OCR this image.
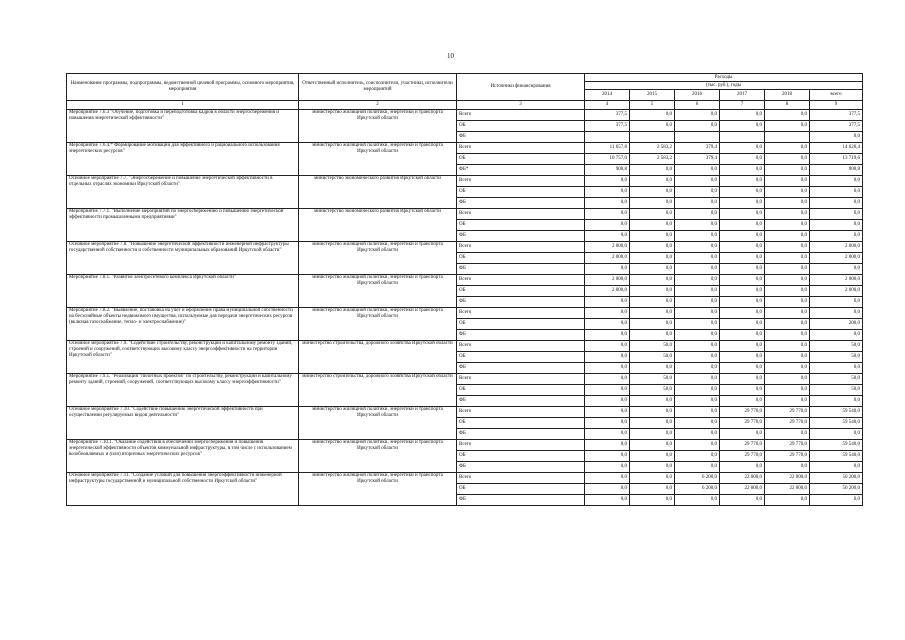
10
Наименование программы, подпрограммы, ведомственной целевой программы, основного мероприятия, мероприятия	Ответственный исполнитель, соисполнители, участники, исполнители мероприятий	Источники финансирования	Расходы					
			(тыс. руб.), годы					
			2014	2015	2016	2017	2018	всего
1	2	3	4	5	6	7	8	9
Мероприятие 7.6.3 "Обучение, подготовка и переподготовка кадров в области энергосбережения и повышения энергетической эффективности"	министерство жилищной политики, энергетики и транспорта Иркутской области	Всего	377,5	0,0	0,0	0,0	0,0	377,5
		ОБ	377,5	0,0	0,0	0,0	0,0	377,5
		ФБ						0,0
Мероприятие 7.6.4.* Формирование мотивации для эффективного и рационального использования энергетических ресурсов"	министерство жилищной политики, энергетики и транспорта Иркутской области	Всего	11 657,8	2 583,2	379,4	0,0	0,0	14 620,4
		ОБ	10 757,0	2 583,2	379,4	0,0	0,0	13 719,6
		ФБ*	900,8	0,0	0,0	0,0	0,0	900,8
Основное мероприятие 7.7. "Энергосбережение и повышение энергетической эффективности в отдельных отраслях экономики Иркутской области"	министерство экономического развития Иркутской области	Всего	0,0	0,0	0,0	0,0	0,0	0,0
		ОБ	0,0	0,0	0,0	0,0	0,0	0,0
		ФБ	0,0	0,0	0,0	0,0	0,0	0,0
Мероприятие 7.7.1. "Выполнение мероприятий по энергосбережению и повышению энергетической эффективности промышленными предприятиями"	министерство экономического развития Иркутской области	Всего	0,0	0,0	0,0	0,0	0,0	0,0
		ОБ	0,0	0,0	0,0	0,0	0,0	0,0
		ФБ	0,0	0,0	0,0	0,0	0,0	0,0
Основное мероприятие 7.8. "Повышение энергетической эффективности инженерной инфраструктуры государственной собственности и собственности муниципальных образований Иркутской области"	министерство жилищной политики, энергетики и транспорта Иркутской области	Всего	2 000,0	0,0	0,0	0,0	0,0	2 000,0
		ОБ	2 000,0	0,0	0,0	0,0	0,0	2 000,0
		ФБ	0,0	0,0	0,0	0,0	0,0	0,0
Мероприятие 7.8.1. "Развитие электросетевого комплекса Иркутской области"	министерство жилищной политики, энергетики и транспорта Иркутской области	Всего	2 000,0	0,0	0,0	0,0	0,0	2 000,0
		ОБ	2 000,0	0,0	0,0	0,0	0,0	2 000,0
		ФБ	0,0	0,0	0,0	0,0	0,0	0,0
Мероприятие 7.8.2. "Выявление, постановка на учет и оформление права муниципальной собственности на бесхозяйные объекты недвижимого имущества, используемые для передачи энергетических ресурсов (включая газоснабжение, тепло- и электроснабжение)"	министерство жилищной политики, энергетики и транспорта Иркутской области	Всего	0,0	0,0	0,0	0,0	0,0	0,0
		ОБ	0,0	0,0	0,0	0,0	0,0	200,0
		ФБ	0,0	0,0	0,0	0,0	0,0	0,0
Основное мероприятие 7.9. "Содействие строительству, реконструкции и капитальному ремонту зданий, строений и сооружений, соответствующих высокому классу энергоэффективности на территории Иркутской области"	министерство строительства, дорожного хозяйства Иркутской области	Всего	0,0	50,0	0,0	0,0	0,0	50,0
		ОБ	0,0	50,0	0,0	0,0	0,0	50,0
		ФБ	0,0	0,0	0,0	0,0	0,0	0,0
Мероприятие 7.9.1. "Реализация "пилотных проектов" по строительству, реконструкции и капитальному ремонту зданий, строений, сооружений, соответствующих высокому классу энергоэффективности"	министерство строительства, дорожного хозяйства Иркутской области	Всего	0,0	50,0	0,0	0,0	0,0	50,0
		ОБ	0,0	50,0	0,0	0,0	0,0	50,0
		ФБ	0,0	0,0	0,0	0,0	0,0	0,0
Основное мероприятие 7.10. "Содействие повышению энергетической эффективности при осуществлении регулируемых видов деятельности"	министерство жилищной политики, энергетики и транспорта Иркутской области	Всего	0,0	0,0	0,0	29 770,0	29 770,0	59 540,0
		ОБ	0,0	0,0	0,0	29 770,0	29 770,0	59 540,0
		ФБ	0,0	0,0	0,0	0,0	0,0	0,0
Мероприятие 7.10.1. "Оказание содействия в обеспечении энергосбережения и повышения энергетической эффективности объектов коммунальной инфраструктуры, в том числе с использованием возобновляемых и (или) вторичных энергетических ресурсов"	министерство жилищной политики, энергетики и транспорта Иркутской области	Всего	0,0	0,0	0,0	29 770,0	29 770,0	59 540,0
		ОБ	0,0	0,0	0,0	29 770,0	29 770,0	59 540,0
		ФБ	0,0	0,0	0,0	0,0	0,0	0,0
Основное мероприятие 7.11. "Создание условий для повышения энергоэффективности инженерной инфраструктуры государственной и муниципальной собственности Иркутской области"	министерство жилищной политики, энергетики и транспорта Иркутской области	Всего	0,0	0,0	6 200,0	22 000,0	22 000,0	50 200,0
		ОБ	0,0	0,0	6 200,0	22 000,0	22 000,0	50 200,0
		ФБ	0,0	0,0	0,0	0,0	0,0	0,0
